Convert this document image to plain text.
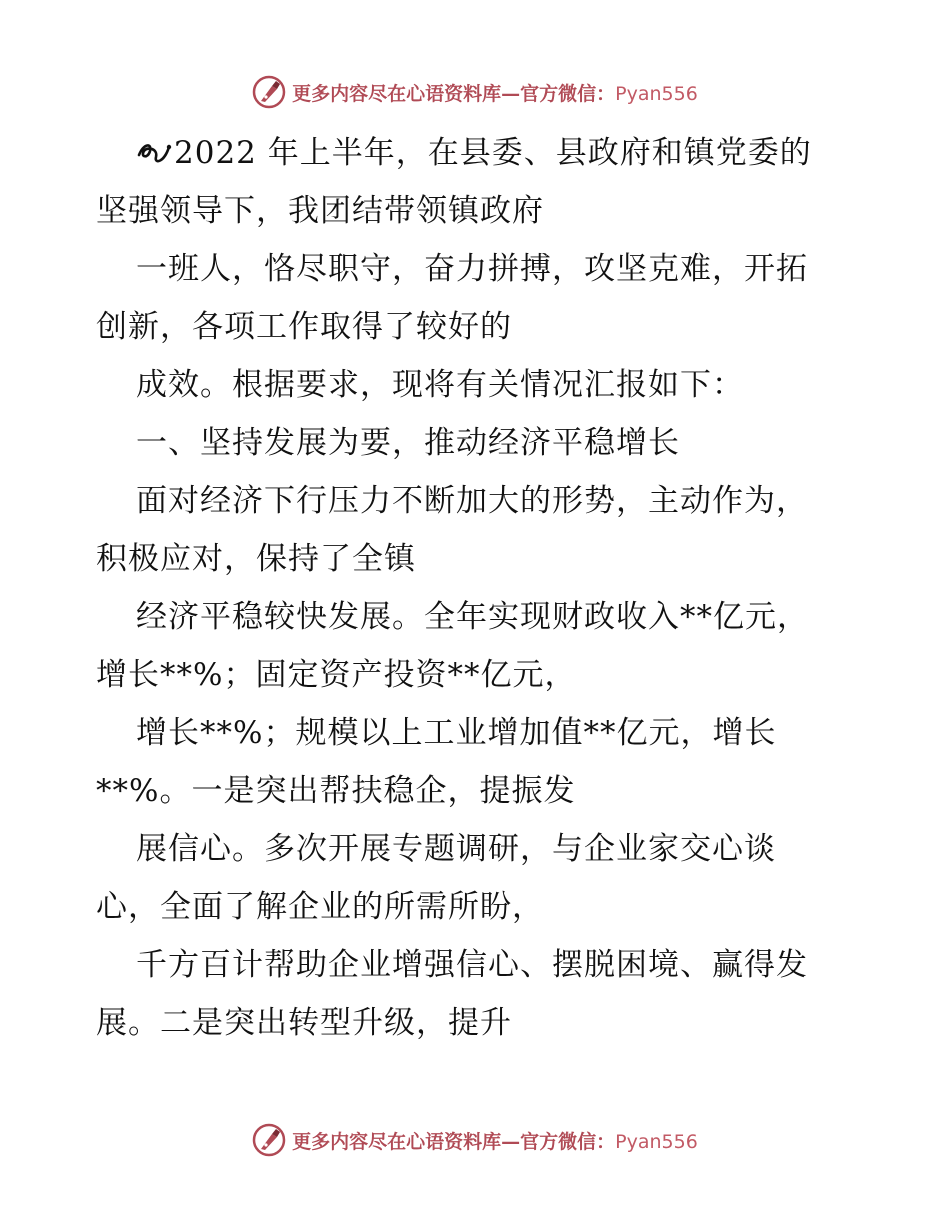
更多内容尽在心语资料库—官方微信：Pyan556
2022 年上半年，在县委、县政府和镇党委的
坚强领导下，我团结带领镇政府
一班人，恪尽职守，奋力拼搏，攻坚克难，开拓
创新，各项工作取得了较好的
成效。根据要求，现将有关情况汇报如下：
一、坚持发展为要，推动经济平稳增长
面对经济下行压力不断加大的形势，主动作为，
积极应对，保持了全镇
经济平稳较快发展。全年实现财政收入**亿元，
增长**%；固定资产投资**亿元，
增长**%；规模以上工业增加值**亿元，增长
**%。一是突出帮扶稳企，提振发
展信心。多次开展专题调研，与企业家交心谈
心，全面了解企业的所需所盼，
千方百计帮助企业增强信心、摆脱困境、赢得发
展。二是突出转型升级，提升
更多内容尽在心语资料库—官方微信：Pyan556
